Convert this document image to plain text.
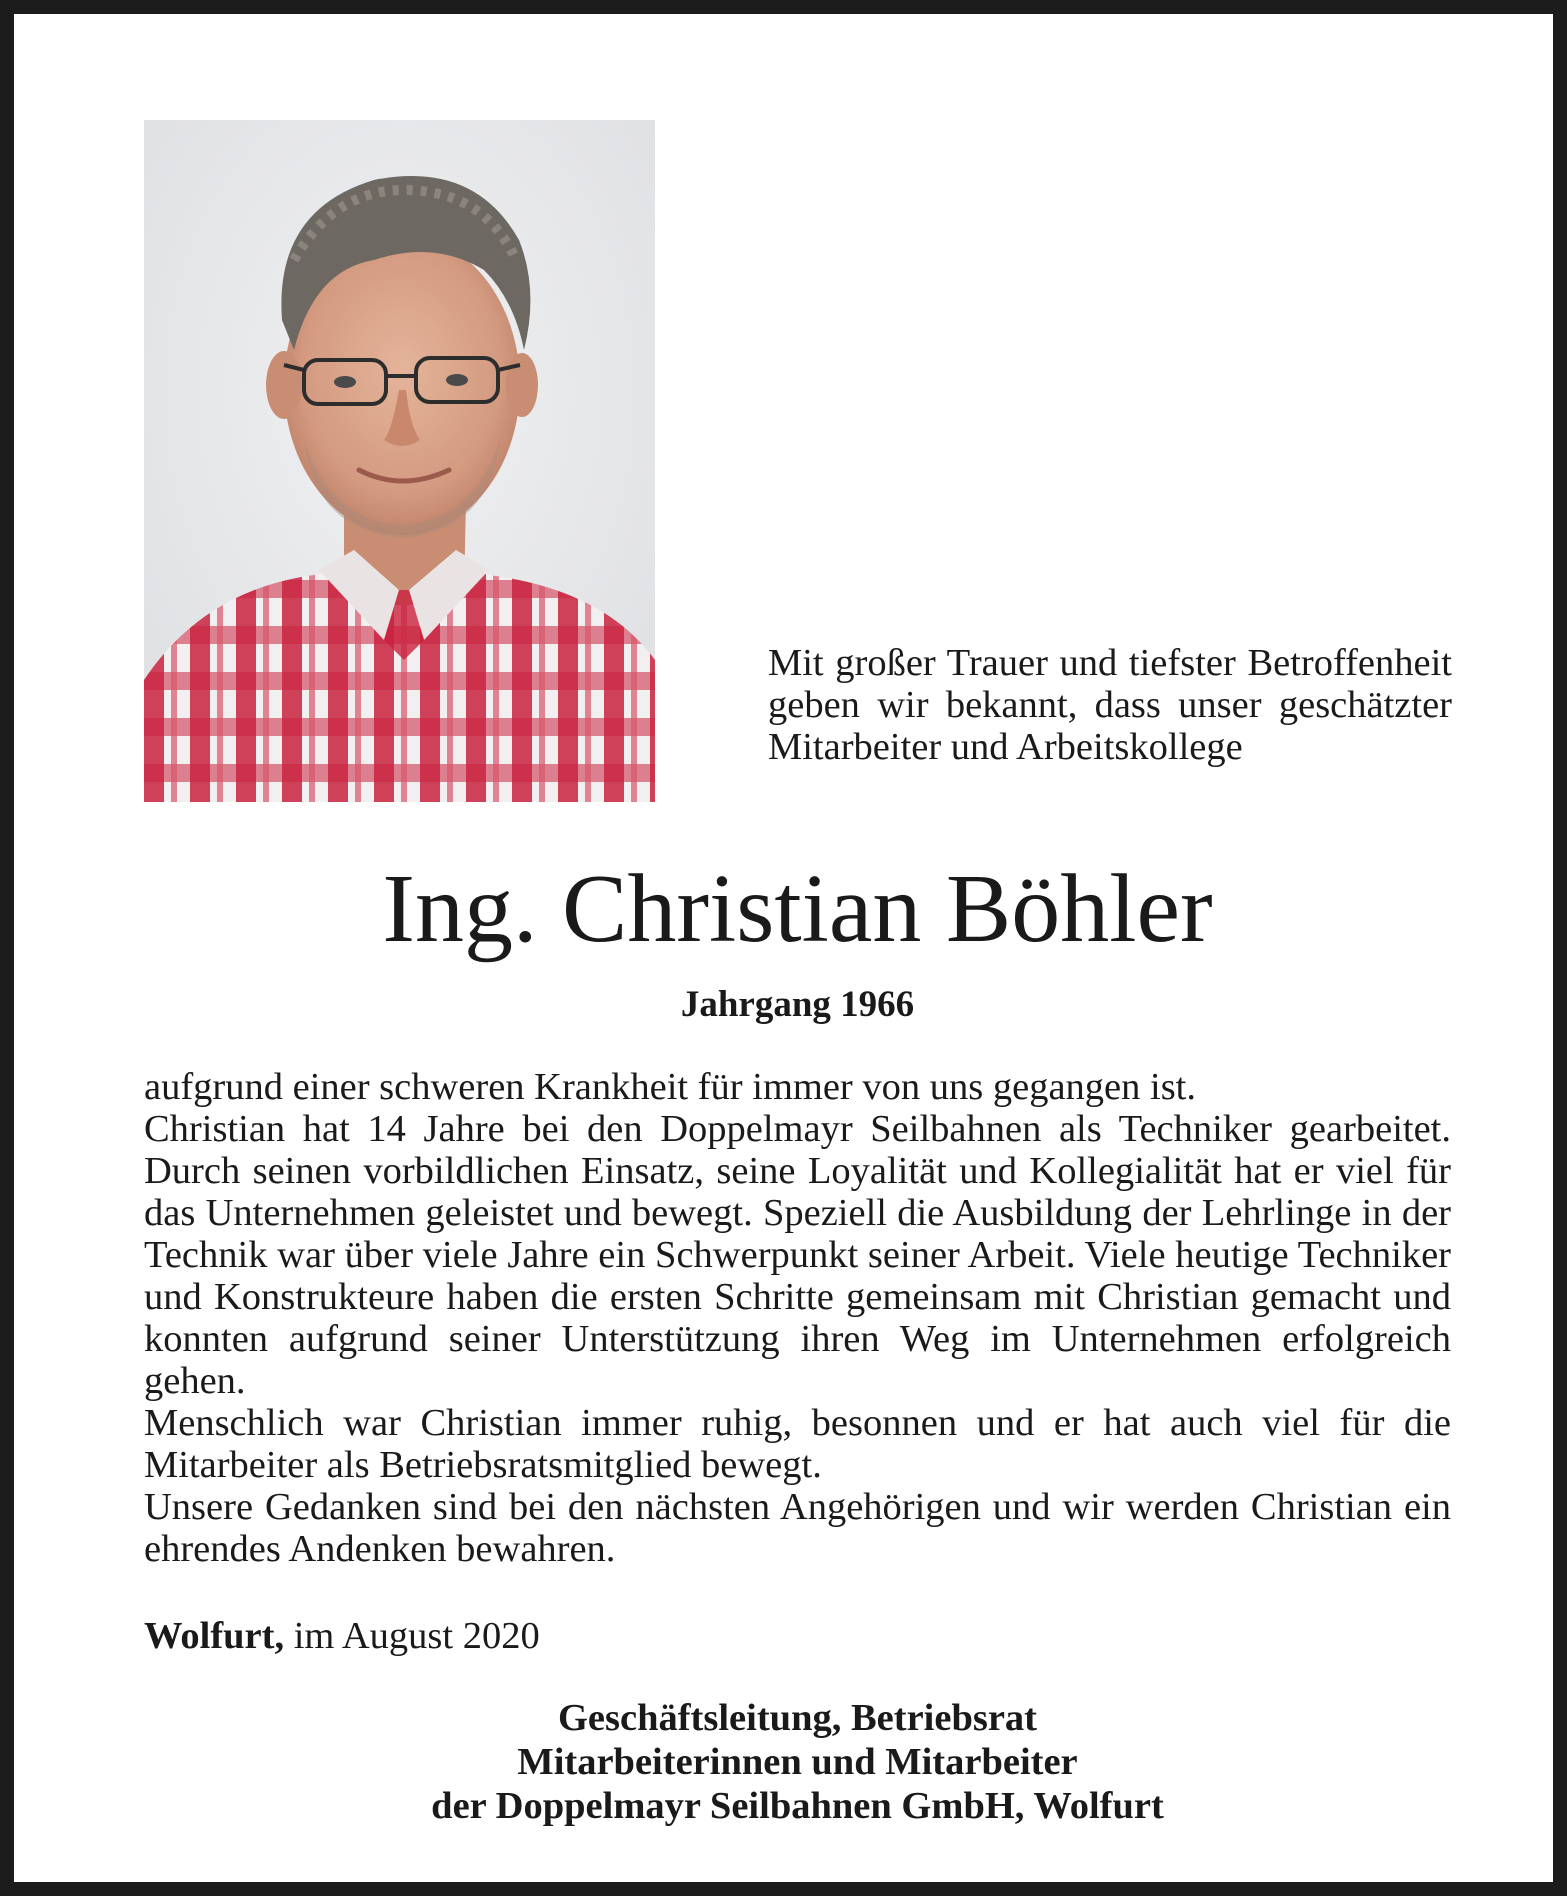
Mit großer Trauer und tiefster Betroffenheit geben wir bekannt, dass unser geschätzter Mitarbeiter und Arbeitskollege

Ing. Christian Böhler
Jahrgang 1966

aufgrund einer schweren Krankheit für immer von uns gegangen ist.

Christian hat 14 Jahre bei den Doppelmayr Seilbahnen als Techniker gearbeitet. Durch seinen vorbildlichen Einsatz, seine Loyalität und Kollegialität hat er viel für das Unternehmen geleistet und bewegt. Speziell die Ausbildung der Lehrlinge in der Technik war über viele Jahre ein Schwerpunkt seiner Arbeit. Viele heutige Techniker und Konstrukteure haben die ersten Schritte gemeinsam mit Christian gemacht und konnten aufgrund seiner Unterstützung ihren Weg im Unternehmen erfolgreich gehen.

Menschlich war Christian immer ruhig, besonnen und er hat auch viel für die Mitarbeiter als Betriebsratsmitglied bewegt.

Unsere Gedanken sind bei den nächsten Angehörigen und wir werden Christian ein ehrendes Andenken bewahren.

Wolfurt, im August 2020
Geschäftsleitung, Betriebsrat
Mitarbeiterinnen und Mitarbeiter
der Doppelmayr Seilbahnen GmbH, Wolfurt
